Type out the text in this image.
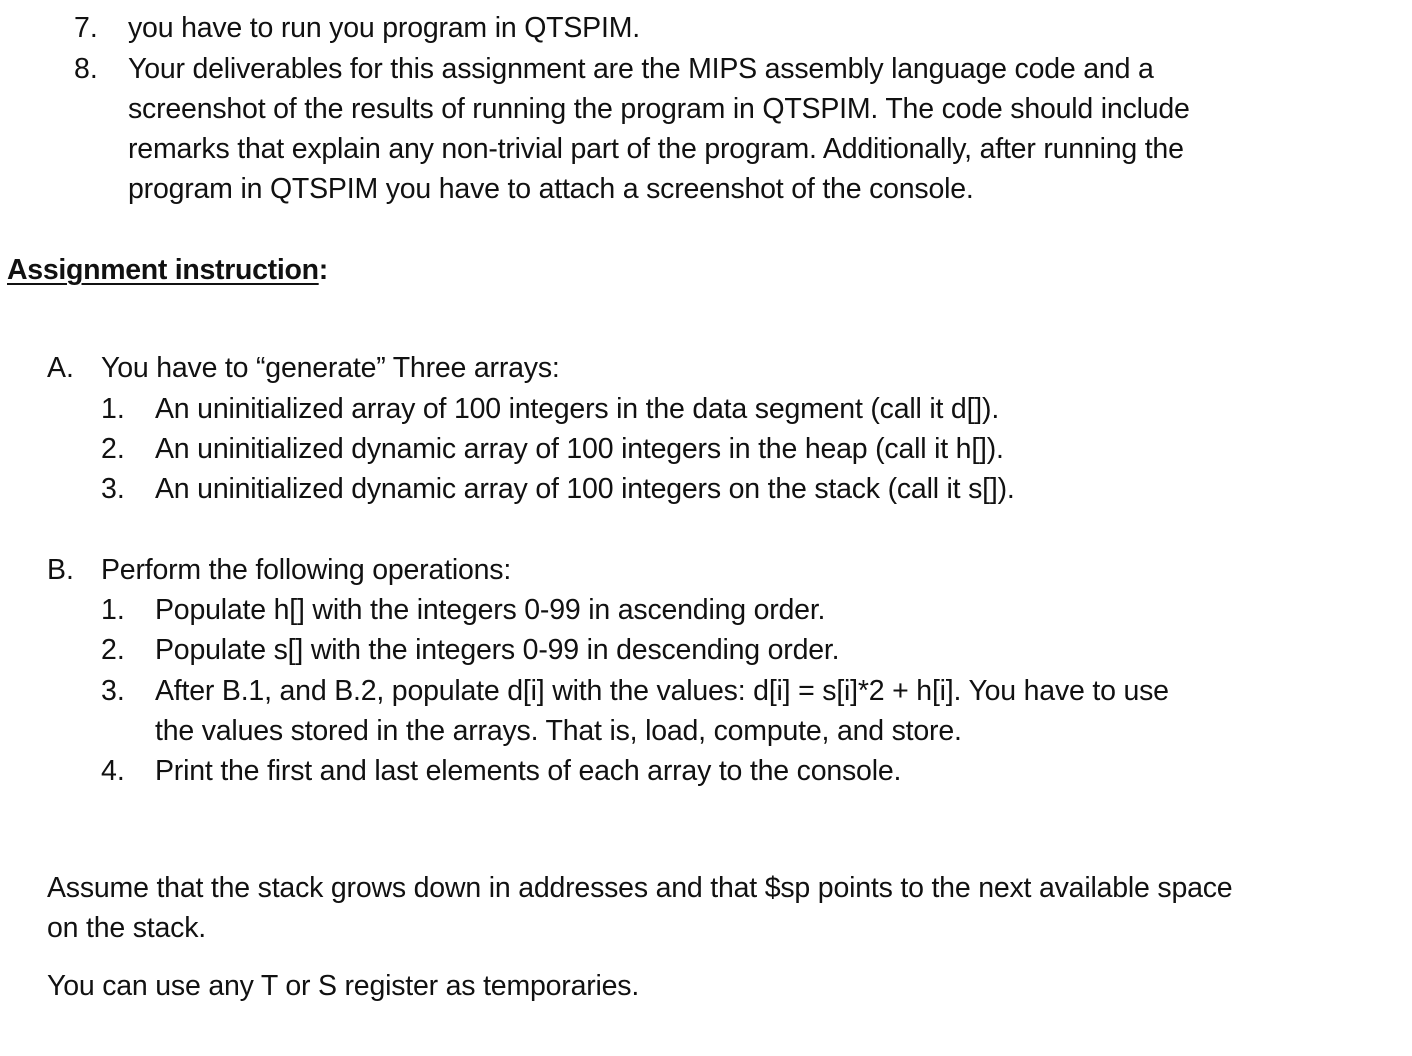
7. you have to run you program in QTSPIM.
8. Your deliverables for this assignment are the MIPS assembly language code and a
screenshot of the results of running the program in QTSPIM. The code should include
remarks that explain any non-trivial part of the program. Additionally, after running the
program in QTSPIM you have to attach a screenshot of the console.
Assignment instruction:
A. You have to “generate” Three arrays:
1. An uninitialized array of 100 integers in the data segment (call it d[]).
2. An uninitialized dynamic array of 100 integers in the heap (call it h[]).
3. An uninitialized dynamic array of 100 integers on the stack (call it s[]).
B. Perform the following operations:
1. Populate h[] with the integers 0-99 in ascending order.
2. Populate s[] with the integers 0-99 in descending order.
3. After B.1, and B.2, populate d[i] with the values: d[i] = s[i]*2 + h[i]. You have to use
the values stored in the arrays. That is, load, compute, and store.
4. Print the first and last elements of each array to the console.
Assume that the stack grows down in addresses and that $sp points to the next available space
on the stack.
You can use any T or S register as temporaries.
